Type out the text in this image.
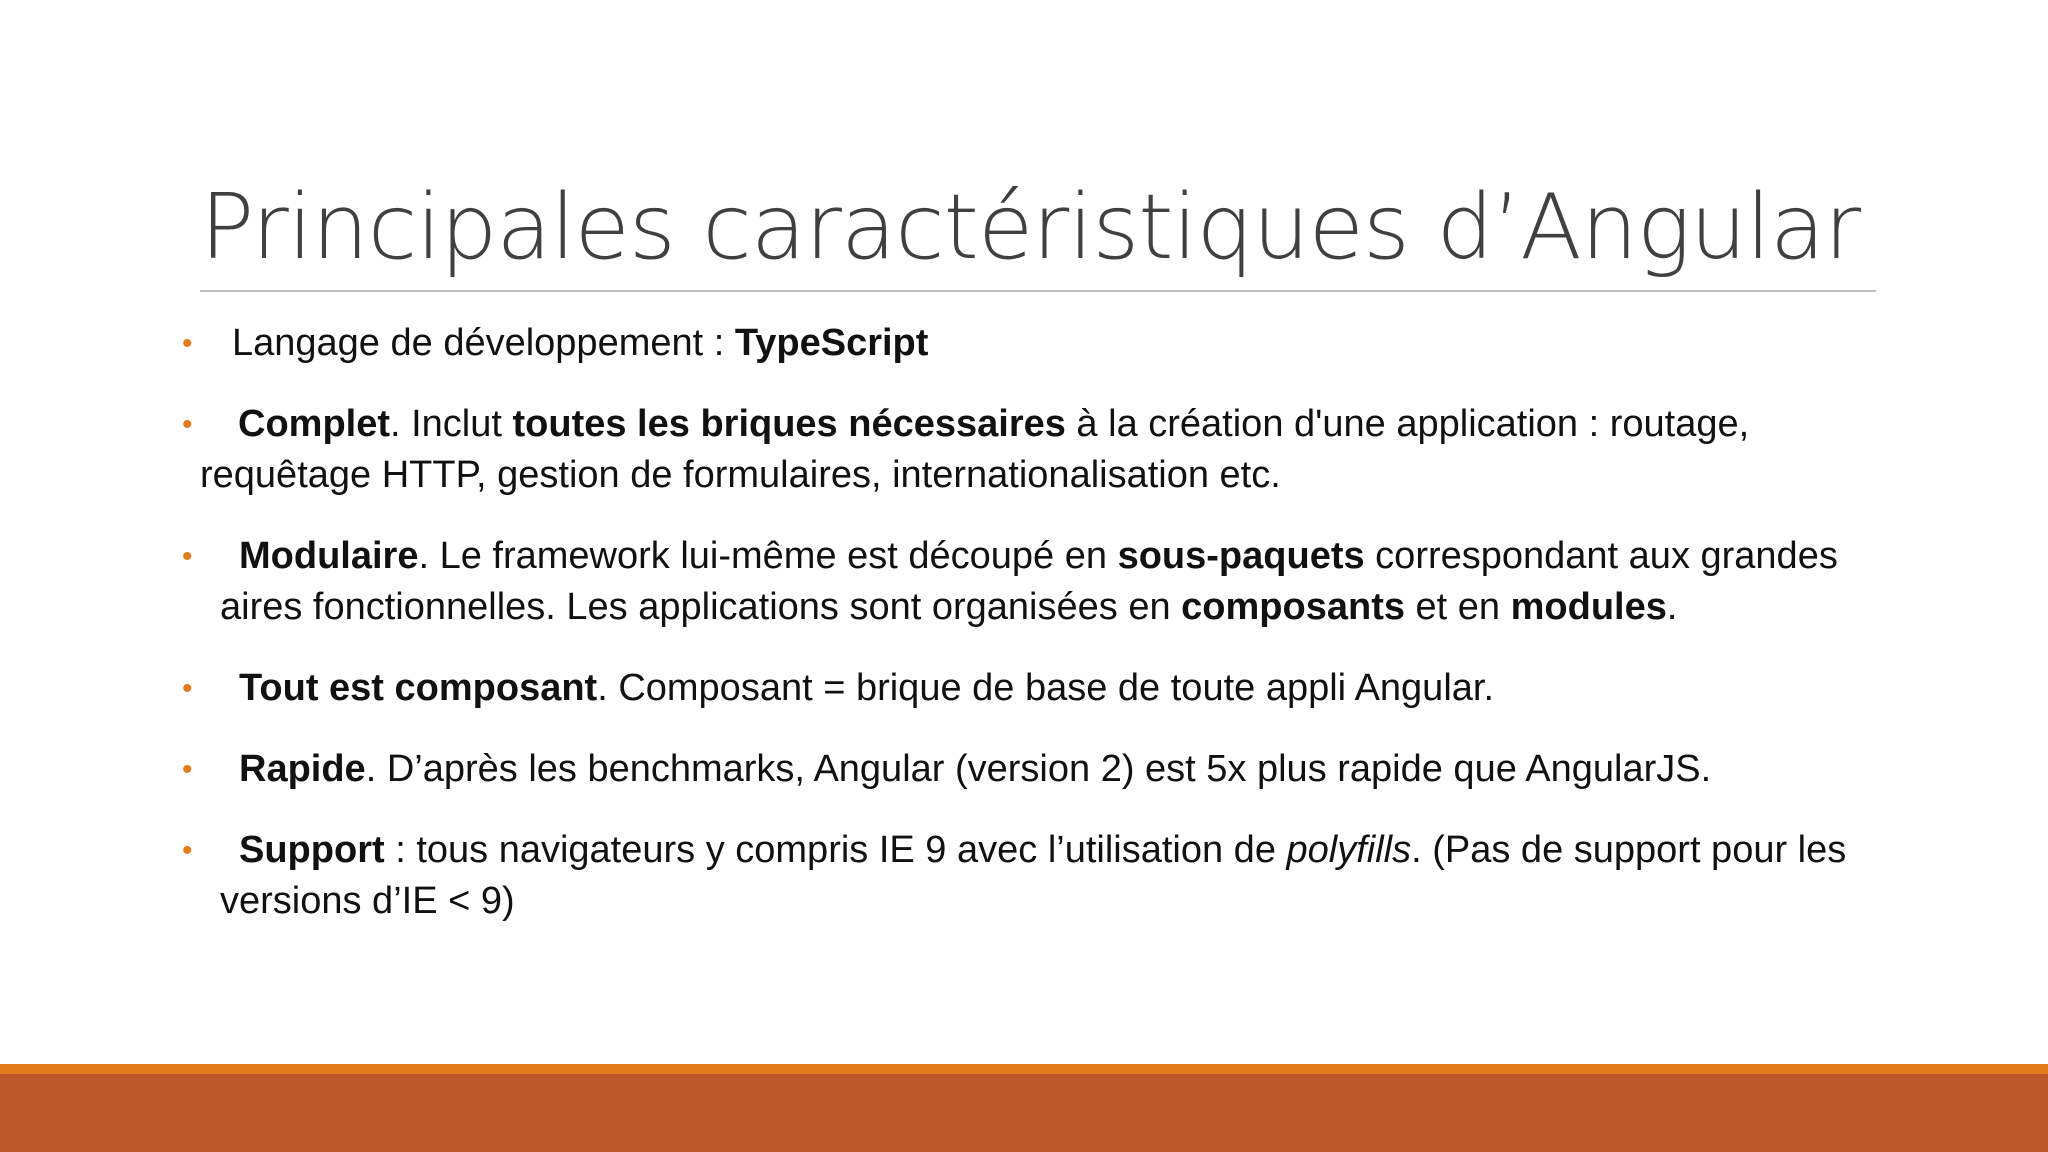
Principales caractéristiques d’Angular
•	Langage de développement : TypeScript
•	Complet. Inclut toutes les briques nécessaires à la création d'une application : routage, requêtage HTTP, gestion de formulaires, internationalisation etc.
•	Modulaire. Le framework lui-même est découpé en sous-paquets correspondant aux grandes aires fonctionnelles. Les applications sont organisées en composants et en modules.
•	Tout est composant. Composant = brique de base de toute appli Angular.
•	Rapide. D’après les benchmarks, Angular (version 2) est 5x plus rapide que AngularJS.
•	Support : tous navigateurs y compris IE 9 avec l’utilisation de polyfills. (Pas de support pour les versions d’IE < 9)
